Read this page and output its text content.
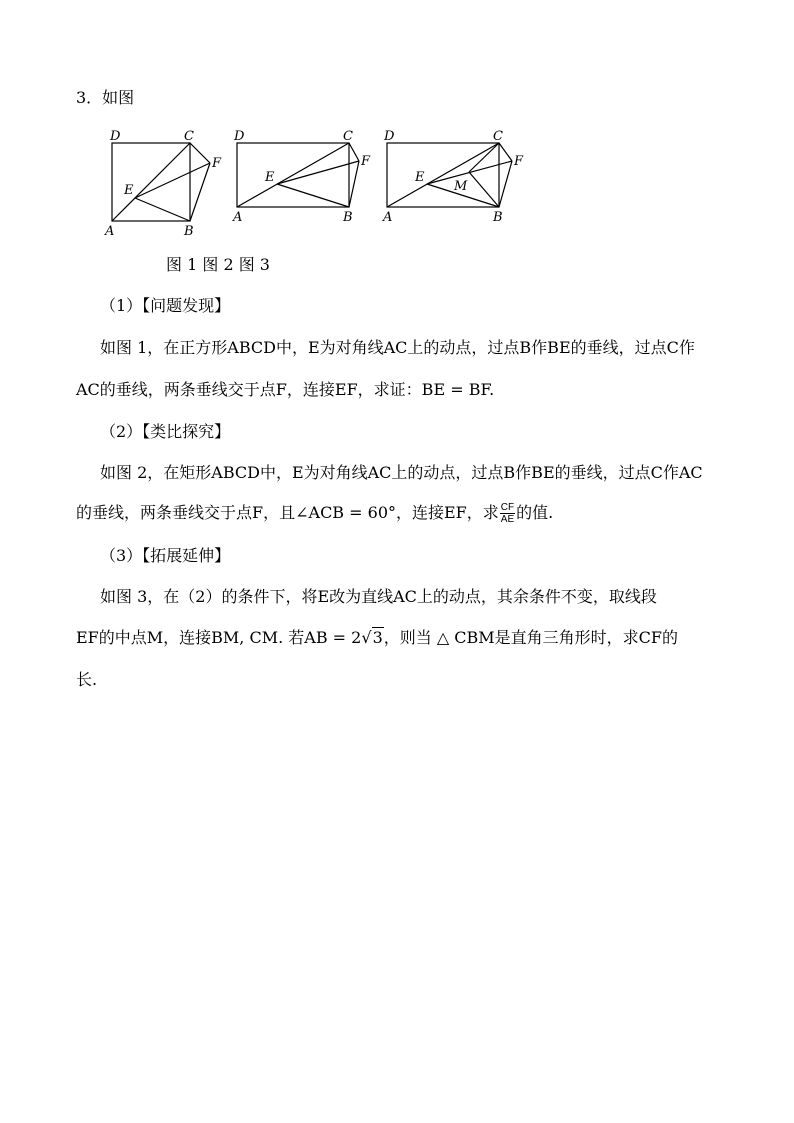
3．如图
D	C
F
E
A	B
D	C
F
E
A	B
D	C
F
E
M
A	B
图 1 图 2 图 3
（1）【问题发现】
如图 1，在正方形ABCD中，E为对角线AC上的动点，过点B作BE的垂线，过点C作
AC的垂线，两条垂线交于点F，连接EF，求证：BE = BF.
（2）【类比探究】
如图 2，在矩形ABCD中，E为对角线AC上的动点，过点B作BE的垂线，过点C作AC
的垂线，两条垂线交于点F，且∠ACB = 60°，连接EF，求 $\frac{CF}{AE}$ 的值.
（3）【拓展延伸】
如图 3，在（2）的条件下，将E改为直线AC上的动点，其余条件不变，取线段
EF的中点M，连接BM, CM. 若AB = 2√3，则当 △ CBM是直角三角形时，求CF的
长.
